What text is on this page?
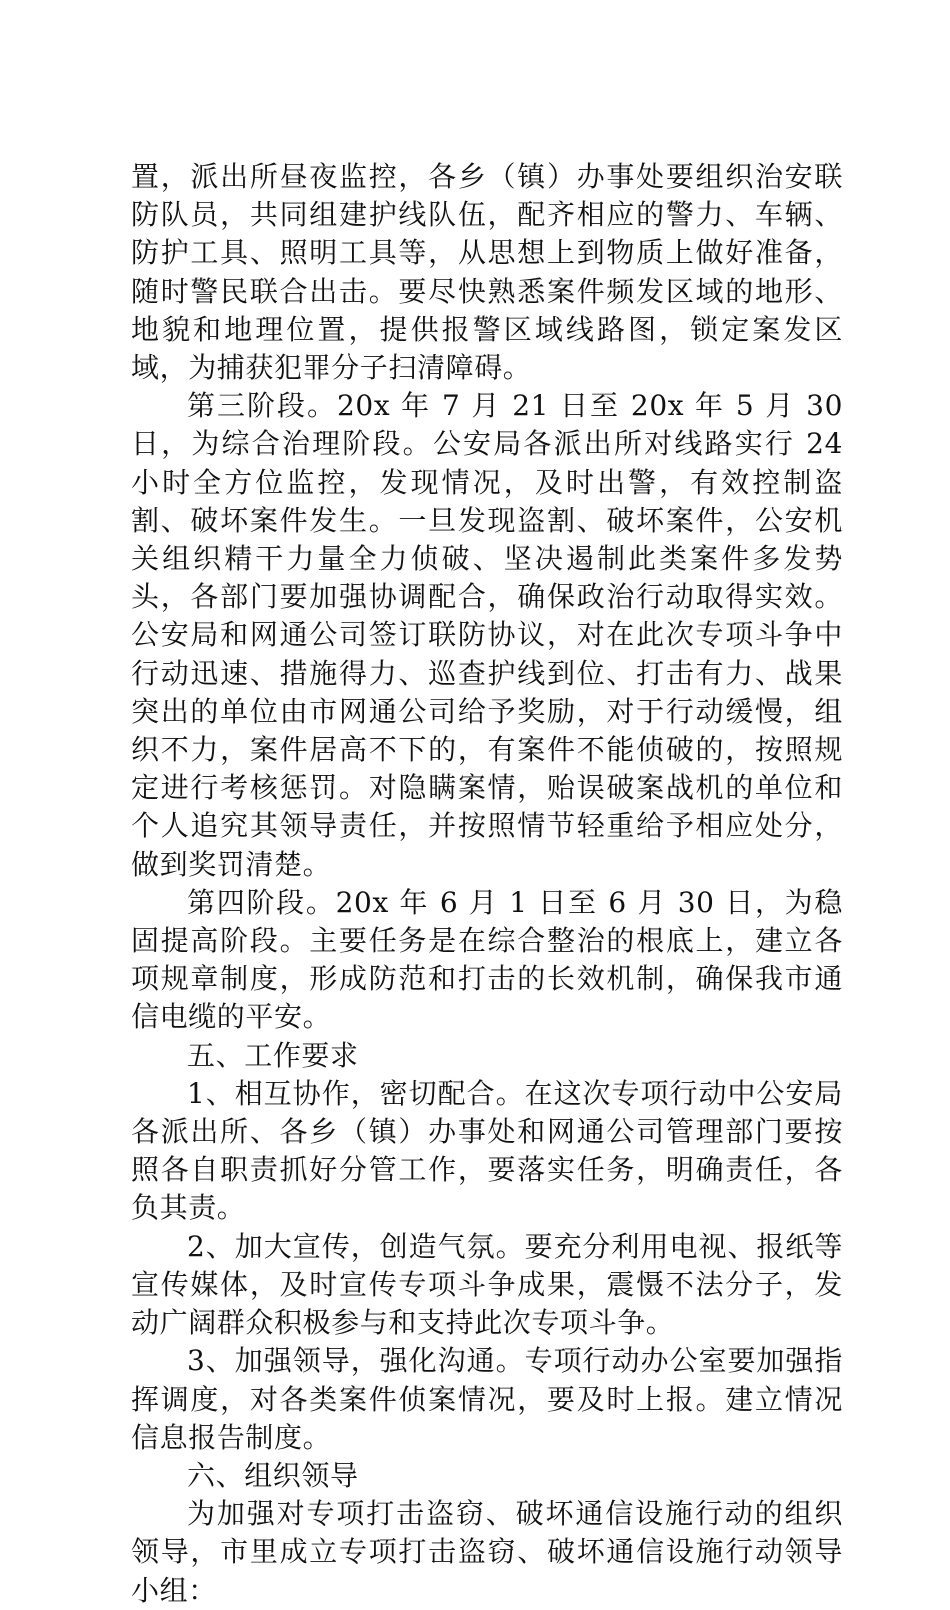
置，派出所昼夜监控，各乡（镇）办事处要组织治安联防队员，共同组建护线队伍，配齐相应的警力、车辆、防护工具、照明工具等，从思想上到物质上做好准备，随时警民联合出击。要尽快熟悉案件频发区域的地形、地貌和地理位置，提供报警区域线路图，锁定案发区域，为捕获犯罪分子扫清障碍。

第三阶段。20x 年 7 月 21 日至 20x 年 5 月 30 日，为综合治理阶段。公安局各派出所对线路实行 24 小时全方位监控，发现情况，及时出警，有效控制盗割、破坏案件发生。一旦发现盗割、破坏案件，公安机关组织精干力量全力侦破、坚决遏制此类案件多发势头，各部门要加强协调配合，确保政治行动取得实效。公安局和网通公司签订联防协议，对在此次专项斗争中行动迅速、措施得力、巡查护线到位、打击有力、战果突出的单位由市网通公司给予奖励，对于行动缓慢，组织不力，案件居高不下的，有案件不能侦破的，按照规定进行考核惩罚。对隐瞒案情，贻误破案战机的单位和个人追究其领导责任，并按照情节轻重给予相应处分，做到奖罚清楚。

第四阶段。20x 年 6 月 1 日至 6 月 30 日，为稳固提高阶段。主要任务是在综合整治的根底上，建立各项规章制度，形成防范和打击的长效机制，确保我市通信电缆的平安。

五、工作要求

1、相互协作，密切配合。在这次专项行动中公安局各派出所、各乡（镇）办事处和网通公司管理部门要按照各自职责抓好分管工作，要落实任务，明确责任，各负其责。

2、加大宣传，创造气氛。要充分利用电视、报纸等宣传媒体，及时宣传专项斗争成果，震慑不法分子，发动广阔群众积极参与和支持此次专项斗争。

3、加强领导，强化沟通。专项行动办公室要加强指挥调度，对各类案件侦案情况，要及时上报。建立情况信息报告制度。

六、组织领导

为加强对专项打击盗窃、破坏通信设施行动的组织领导，市里成立专项打击盗窃、破坏通信设施行动领导小组：
